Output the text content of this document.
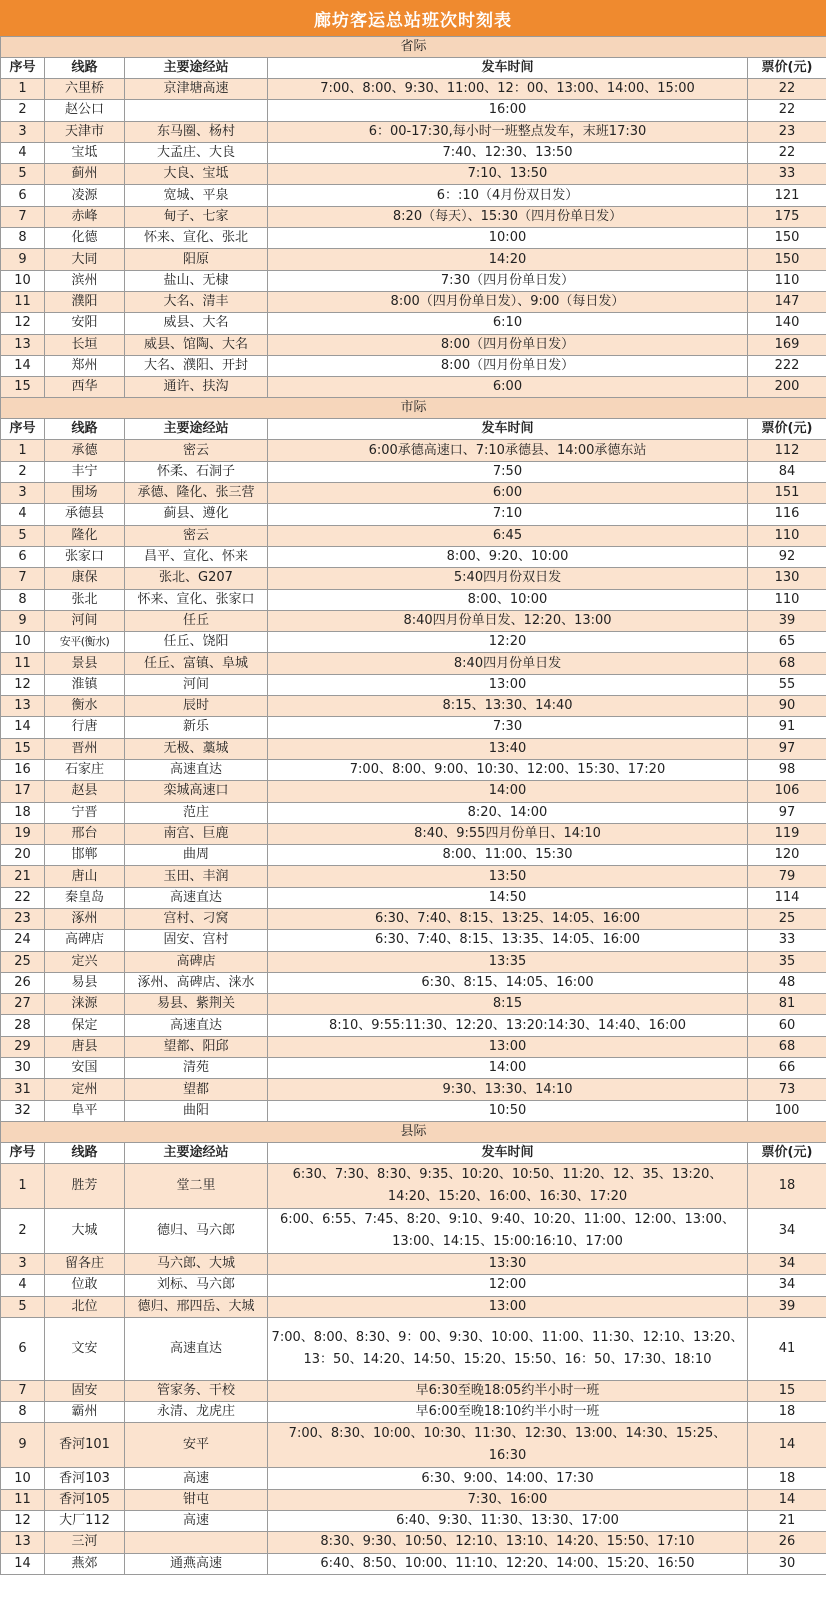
廊坊客运总站班次时刻表
省际				
序号	线路	主要途经站	发车时间	票价(元)
1	六里桥	京津塘高速	7:00、8:00、9:30、11:00、12：00、13:00、14:00、15:00	22
2	赵公口		16:00	22
3	天津市	东马圈、杨村	6：00-17:30,每小时一班整点发车，末班17:30	23
4	宝坻	大孟庄、大良	7:40、12:30、13:50	22
5	蓟州	大良、宝坻	7:10、13:50	33
6	凌源	宽城、平泉	6：:10（4月份双日发）	121
7	赤峰	甸子、七家	8:20（每天）、15:30（四月份单日发）	175
8	化德	怀来、宣化、张北	10:00	150
9	大同	阳原	14:20	150
10	滨州	盐山、无棣	7:30（四月份单日发）	110
11	濮阳	大名、清丰	8:00（四月份单日发）、9:00（每日发）	147
12	安阳	威县、大名	6:10	140
13	长垣	威县、馆陶、大名	8:00（四月份单日发）	169
14	郑州	大名、濮阳、开封	8:00（四月份单日发）	222
15	西华	通许、扶沟	6:00	200
市际				
序号	线路	主要途经站	发车时间	票价(元)
1	承德	密云	6:00承德高速口、7:10承德县、14:00承德东站	112
2	丰宁	怀柔、石洞子	7:50	84
3	围场	承德、隆化、张三营	6:00	151
4	承德县	蓟县、遵化	7:10	116
5	隆化	密云	6:45	110
6	张家口	昌平、宣化、怀来	8:00、9:20、10:00	92
7	康保	张北、G207	5:40四月份双日发	130
8	张北	怀来、宣化、张家口	8:00、10:00	110
9	河间	任丘	8:40四月份单日发、12:20、13:00	39
10	安平(衡水)	任丘、饶阳	12:20	65
11	景县	任丘、富镇、阜城	8:40四月份单日发	68
12	淮镇	河间	13:00	55
13	衡水	辰时	8:15、13:30、14:40	90
14	行唐	新乐	7:30	91
15	晋州	无极、藁城	13:40	97
16	石家庄	高速直达	7:00、8:00、9:00、10:30、12:00、15:30、17:20	98
17	赵县	栾城高速口	14:00	106
18	宁晋	范庄	8:20、14:00	97
19	邢台	南宫、巨鹿	8:40、9:55四月份单日、14:10	119
20	邯郸	曲周	8:00、11:00、15:30	120
21	唐山	玉田、丰润	13:50	79
22	秦皇岛	高速直达	14:50	114
23	涿州	宫村、刁窝	6:30、7:40、8:15、13:25、14:05、16:00	25
24	高碑店	固安、宫村	6:30、7:40、8:15、13:35、14:05、16:00	33
25	定兴	高碑店	13:35	35
26	易县	涿州、高碑店、涞水	6:30、8:15、14:05、16:00	48
27	涞源	易县、紫荆关	8:15	81
28	保定	高速直达	8:10、9:55:11:30、12:20、13:20:14:30、14:40、16:00	60
29	唐县	望都、阳邱	13:00	68
30	安国	清苑	14:00	66
31	定州	望都	9:30、13:30、14:10	73
32	阜平	曲阳	10:50	100
县际				
序号	线路	主要途经站	发车时间	票价(元)
1	胜芳	堂二里	6:30、7:30、8:30、9:35、10:20、10:50、11:20、12、35、13:20、14:20、15:20、16:00、16:30、17:20	18
2	大城	德归、马六郎	6:00、6:55、7:45、8:20、9:10、9:40、10:20、11:00、12:00、13:00、13:00、14:15、15:00:16:10、17:00	34
3	留各庄	马六郎、大城	13:30	34
4	位敢	刘标、马六郎	12:00	34
5	北位	德归、邢四岳、大城	13:00	39
6	文安	高速直达	7:00、8:00、8:30、9：00、9:30、10:00、11:00、11:30、12:10、13:20、13：50、14:20、14:50、15:20、15:50、16：50、17:30、18:10	41
7	固安	管家务、干校	早6:30至晚18:05约半小时一班	15
8	霸州	永清、龙虎庄	早6:00至晚18:10约半小时一班	18
9	香河101	安平	7:00、8:30、10:00、10:30、11:30、12:30、13:00、14:30、15:25、16:30	14
10	香河103	高速	6:30、9:00、14:00、17:30	18
11	香河105	钳屯	7:30、16:00	14
12	大厂112	高速	6:40、9:30、11:30、13:30、17:00	21
13	三河		8:30、9:30、10:50、12:10、13:10、14:20、15:50、17:10	26
14	燕郊	通燕高速	6:40、8:50、10:00、11:10、12:20、14:00、15:20、16:50	30
